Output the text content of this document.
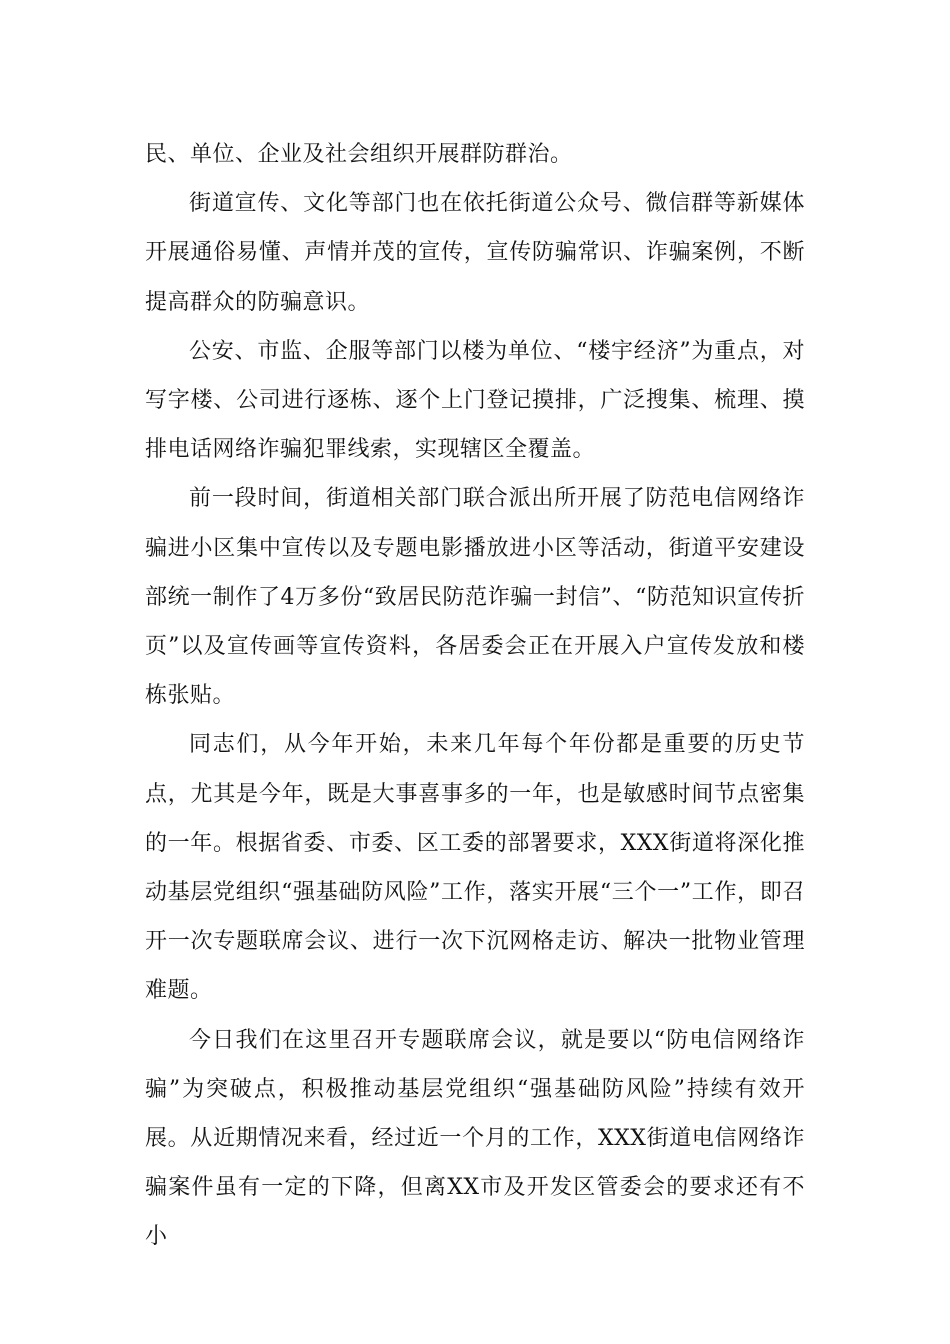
民、单位、企业及社会组织开展群防群治。

街道宣传、文化等部门也在依托街道公众号、微信群等新媒体开展通俗易懂、声情并茂的宣传，宣传防骗常识、诈骗案例，不断提高群众的防骗意识。

公安、市监、企服等部门以楼为单位、“楼宇经济”为重点，对写字楼、公司进行逐栋、逐个上门登记摸排，广泛搜集、梳理、摸排电话网络诈骗犯罪线索，实现辖区全覆盖。

前一段时间，街道相关部门联合派出所开展了防范电信网络诈骗进小区集中宣传以及专题电影播放进小区等活动，街道平安建设部统一制作了4万多份“致居民防范诈骗一封信”、“防范知识宣传折页”以及宣传画等宣传资料，各居委会正在开展入户宣传发放和楼栋张贴。

同志们，从今年开始，未来几年每个年份都是重要的历史节点，尤其是今年，既是大事喜事多的一年，也是敏感时间节点密集的一年。根据省委、市委、区工委的部署要求，XXX街道将深化推动基层党组织“强基础防风险”工作，落实开展“三个一”工作，即召开一次专题联席会议、进行一次下沉网格走访、解决一批物业管理难题。

今日我们在这里召开专题联席会议，就是要以“防电信网络诈骗”为突破点，积极推动基层党组织“强基础防风险”持续有效开展。从近期情况来看，经过近一个月的工作，XXX街道电信网络诈骗案件虽有一定的下降，但离XX市及开发区管委会的要求还有不小
